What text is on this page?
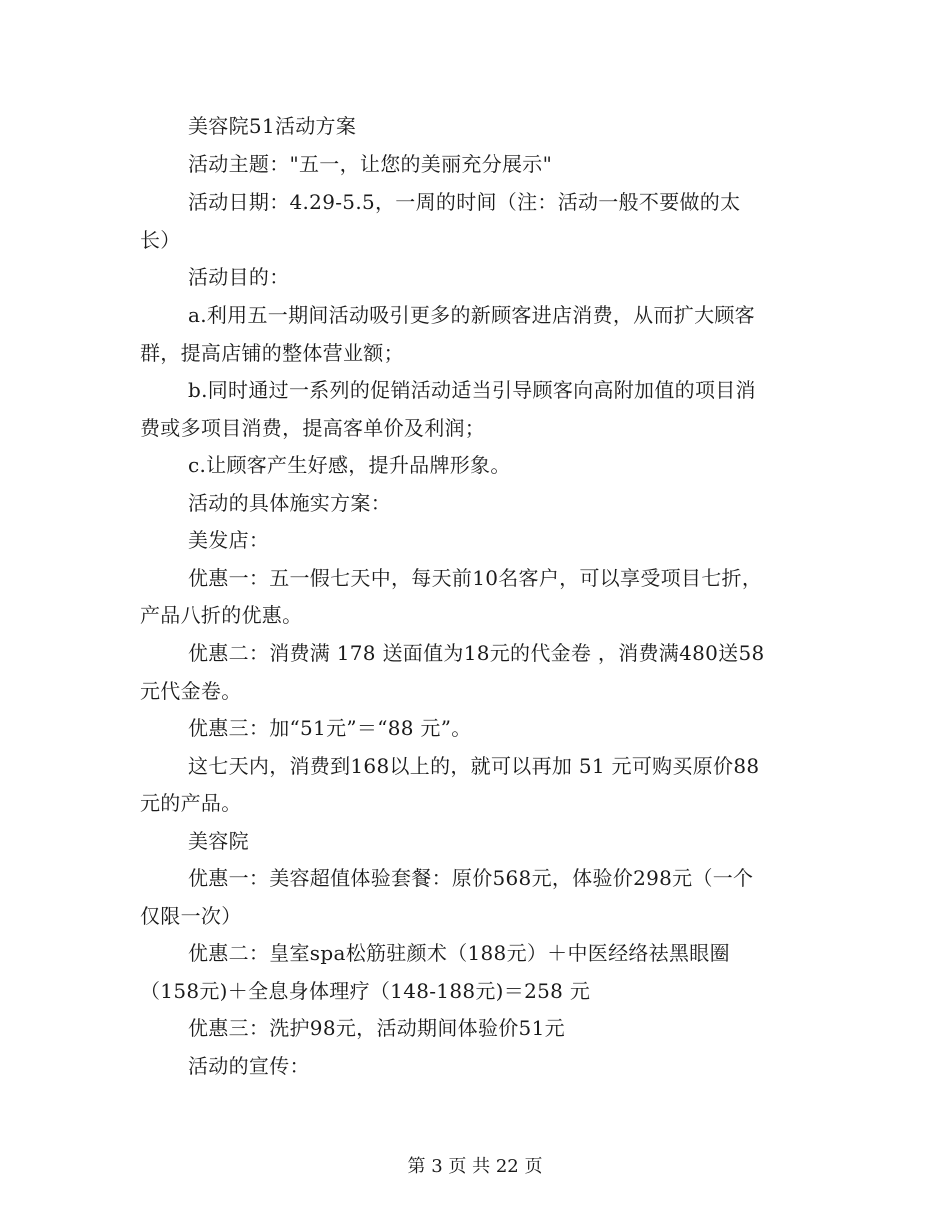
美容院51活动方案
活动主题："五一，让您的美丽充分展示"
活动日期：4.29-5.5，一周的时间（注：活动一般不要做的太
长）
活动目的：
a.利用五一期间活动吸引更多的新顾客进店消费，从而扩大顾客
群，提高店铺的整体营业额；
b.同时通过一系列的促销活动适当引导顾客向高附加值的项目消
费或多项目消费，提高客单价及利润；
c.让顾客产生好感，提升品牌形象。
活动的具体施实方案：
美发店：
优惠一：五一假七天中，每天前10名客户，可以享受项目七折，
产品八折的优惠。
优惠二：消费满 178 送面值为18元的代金卷 ，消费满480送58
元代金卷。
优惠三：加“51元”＝“88 元”。
这七天内，消费到168以上的，就可以再加 51 元可购买原价88
元的产品。
美容院
优惠一：美容超值体验套餐：原价568元，体验价298元（一个
仅限一次）
优惠二：皇室spa松筋驻颜术（188元）＋中医经络祛黑眼圈
（158元)＋全息身体理疗（148-188元)＝258 元
优惠三：洗护98元，活动期间体验价51元
活动的宣传：
第 3 页 共 22 页
